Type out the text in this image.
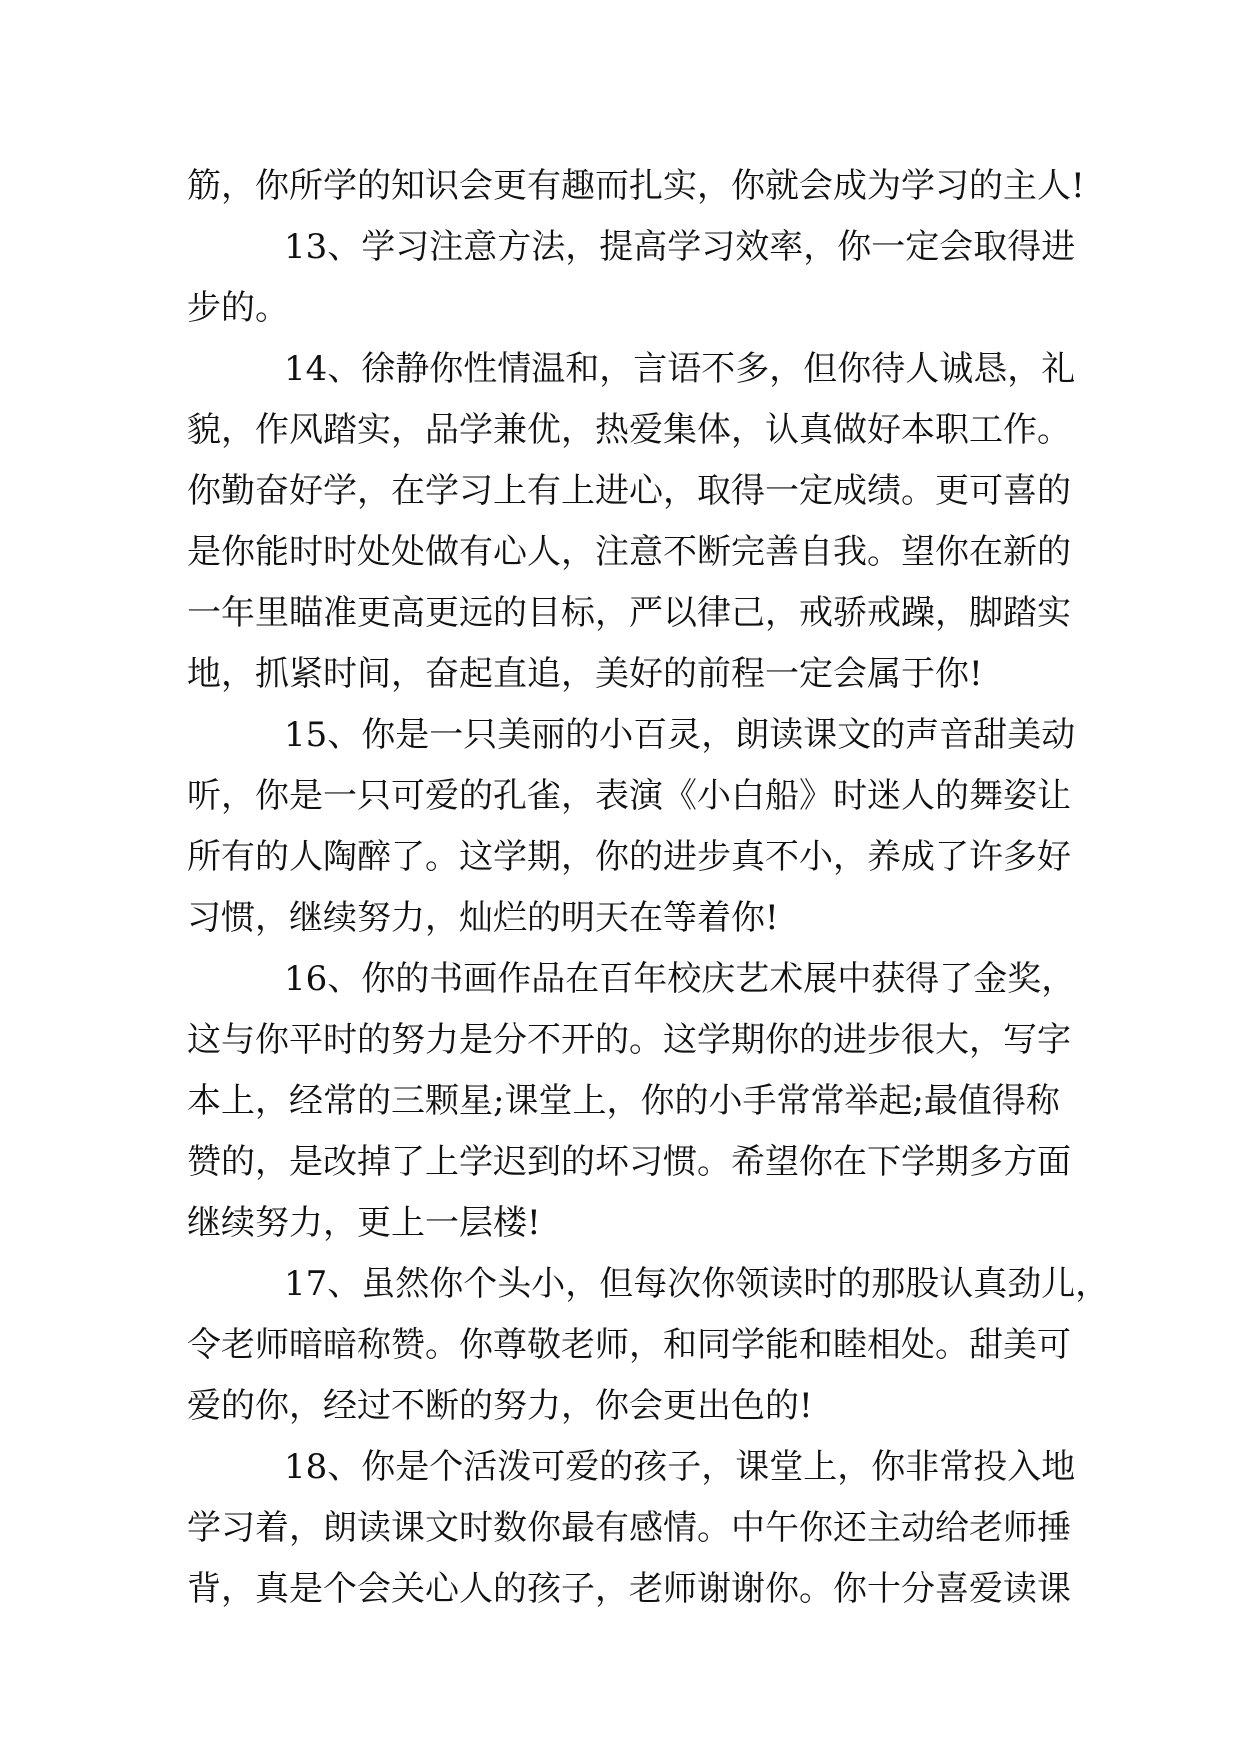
筋，你所学的知识会更有趣而扎实，你就会成为学习的主人!
13、学习注意方法，提高学习效率，你一定会取得进
步的。
14、徐静你性情温和，言语不多，但你待人诚恳，礼
貌，作风踏实，品学兼优，热爱集体，认真做好本职工作。
你勤奋好学，在学习上有上进心，取得一定成绩。更可喜的
是你能时时处处做有心人，注意不断完善自我。望你在新的
一年里瞄准更高更远的目标，严以律己，戒骄戒躁，脚踏实
地，抓紧时间，奋起直追，美好的前程一定会属于你!
15、你是一只美丽的小百灵，朗读课文的声音甜美动
听，你是一只可爱的孔雀，表演《小白船》时迷人的舞姿让
所有的人陶醉了。这学期，你的进步真不小，养成了许多好
习惯，继续努力，灿烂的明天在等着你!
16、你的书画作品在百年校庆艺术展中获得了金奖，
这与你平时的努力是分不开的。这学期你的进步很大，写字
本上，经常的三颗星;课堂上，你的小手常常举起;最值得称
赞的，是改掉了上学迟到的坏习惯。希望你在下学期多方面
继续努力，更上一层楼!
17、虽然你个头小，但每次你领读时的那股认真劲儿，
令老师暗暗称赞。你尊敬老师，和同学能和睦相处。甜美可
爱的你，经过不断的努力，你会更出色的!
18、你是个活泼可爱的孩子，课堂上，你非常投入地
学习着，朗读课文时数你最有感情。中午你还主动给老师捶
背，真是个会关心人的孩子，老师谢谢你。你十分喜爱读课
